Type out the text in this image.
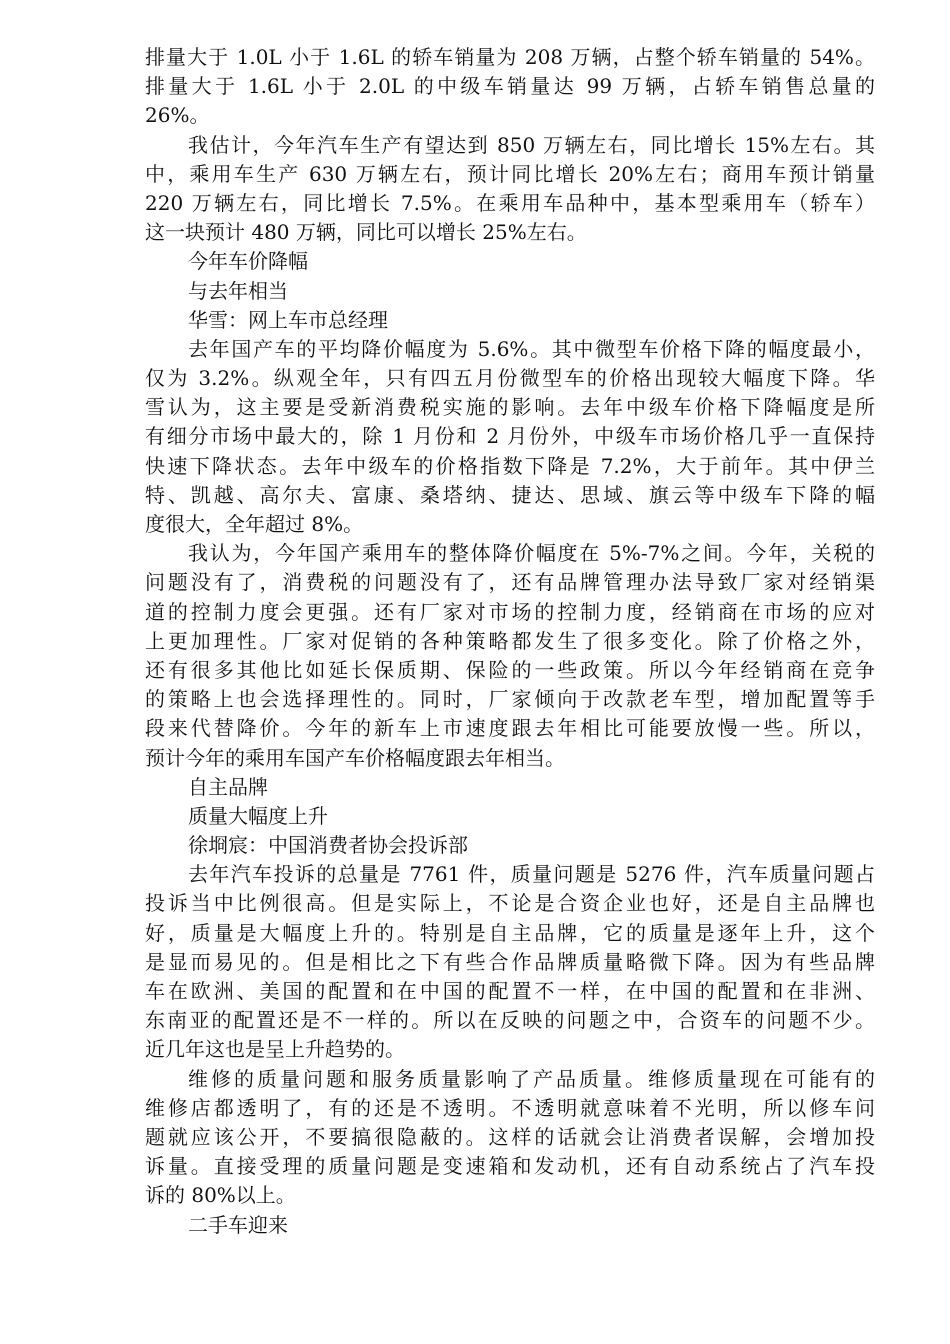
排量大于 1.0L 小于 1.6L 的轿车销量为 208 万辆，占整个轿车销量的 54%。
排量大于 1.6L 小于 2.0L 的中级车销量达 99 万辆，占轿车销售总量的
26%。
我估计，今年汽车生产有望达到 850 万辆左右，同比增长 15%左右。其
中，乘用车生产 630 万辆左右，预计同比增长 20%左右；商用车预计销量
220 万辆左右，同比增长 7.5%。在乘用车品种中，基本型乘用车（轿车）
这一块预计 480 万辆，同比可以增长 25%左右。
今年车价降幅
与去年相当
华雪：网上车市总经理
去年国产车的平均降价幅度为 5.6%。其中微型车价格下降的幅度最小，
仅为 3.2%。纵观全年，只有四五月份微型车的价格出现较大幅度下降。华
雪认为，这主要是受新消费税实施的影响。去年中级车价格下降幅度是所
有细分市场中最大的，除 1 月份和 2 月份外，中级车市场价格几乎一直保持
快速下降状态。去年中级车的价格指数下降是 7.2%，大于前年。其中伊兰
特、凯越、高尔夫、富康、桑塔纳、捷达、思域、旗云等中级车下降的幅
度很大，全年超过 8%。
我认为，今年国产乘用车的整体降价幅度在 5%-7%之间。今年，关税的
问题没有了，消费税的问题没有了，还有品牌管理办法导致厂家对经销渠
道的控制力度会更强。还有厂家对市场的控制力度，经销商在市场的应对
上更加理性。厂家对促销的各种策略都发生了很多变化。除了价格之外，
还有很多其他比如延长保质期、保险的一些政策。所以今年经销商在竞争
的策略上也会选择理性的。同时，厂家倾向于改款老车型，增加配置等手
段来代替降价。今年的新车上市速度跟去年相比可能要放慢一些。所以，
预计今年的乘用车国产车价格幅度跟去年相当。
自主品牌
质量大幅度上升
徐埛宸：中国消费者协会投诉部
去年汽车投诉的总量是 7761 件，质量问题是 5276 件，汽车质量问题占
投诉当中比例很高。但是实际上，不论是合资企业也好，还是自主品牌也
好，质量是大幅度上升的。特别是自主品牌，它的质量是逐年上升，这个
是显而易见的。但是相比之下有些合作品牌质量略微下降。因为有些品牌
车在欧洲、美国的配置和在中国的配置不一样，在中国的配置和在非洲、
东南亚的配置还是不一样的。所以在反映的问题之中，合资车的问题不少。
近几年这也是呈上升趋势的。
维修的质量问题和服务质量影响了产品质量。维修质量现在可能有的
维修店都透明了，有的还是不透明。不透明就意味着不光明，所以修车问
题就应该公开，不要搞很隐蔽的。这样的话就会让消费者误解，会增加投
诉量。直接受理的质量问题是变速箱和发动机，还有自动系统占了汽车投
诉的 80%以上。
二手车迎来
